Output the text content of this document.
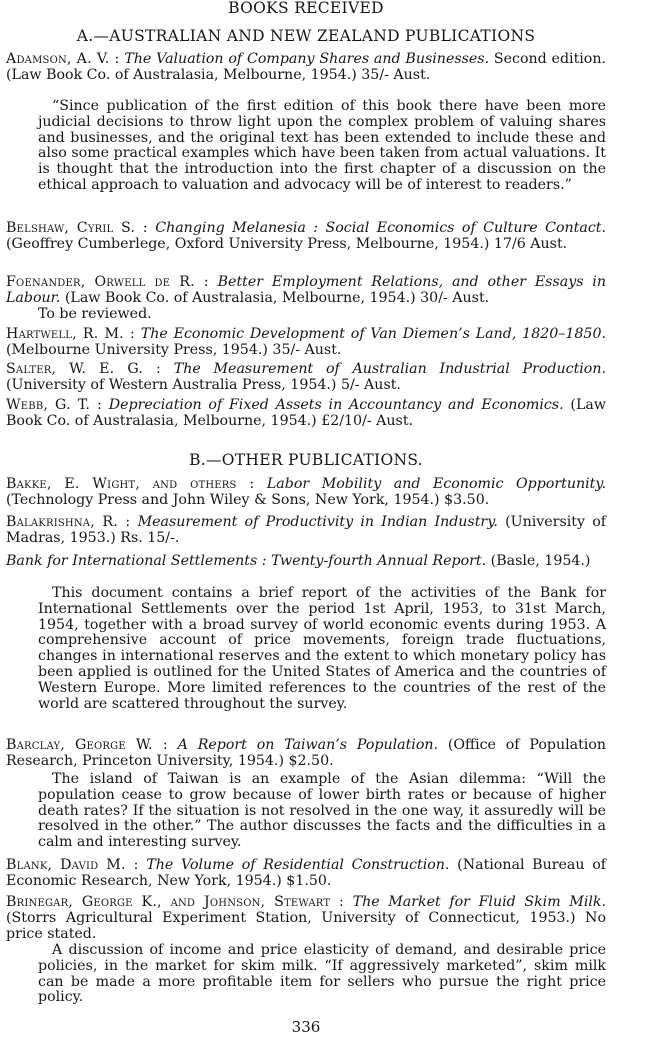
BOOKS RECEIVED
A.—AUSTRALIAN AND NEW ZEALAND PUBLICATIONS
Adamson, A. V. : The Valuation of Company Shares and Businesses. Second edition. (Law Book Co. of Australasia, Melbourne, 1954.) 35/- Aust.
“Since publication of the first edition of this book there have been more judicial decisions to throw light upon the complex problem of valuing shares and businesses, and the original text has been extended to include these and also some practical examples which have been taken from actual valuations. It is thought that the introduction into the first chapter of a discussion on the ethical approach to valuation and advocacy will be of interest to readers.”
Belshaw, Cyril S. : Changing Melanesia : Social Economics of Culture Contact. (Geoffrey Cumberlege, Oxford University Press, Melbourne, 1954.) 17/6 Aust.
Foenander, Orwell de R. : Better Employment Relations, and other Essays in Labour. (Law Book Co. of Australasia, Melbourne, 1954.) 30/- Aust.
To be reviewed.
Hartwell, R. M. : The Economic Development of Van Diemen’s Land, 1820–1850. (Melbourne University Press, 1954.) 35/- Aust.
Salter, W. E. G. : The Measurement of Australian Industrial Production. (University of Western Australia Press, 1954.) 5/- Aust.
Webb, G. T. : Depreciation of Fixed Assets in Accountancy and Economics. (Law Book Co. of Australasia, Melbourne, 1954.) £2/10/- Aust.
B.—OTHER PUBLICATIONS.
Bakke, E. Wight, and others : Labor Mobility and Economic Opportunity. (Technology Press and John Wiley & Sons, New York, 1954.) $3.50.
Balakrishna, R. : Measurement of Productivity in Indian Industry. (University of Madras, 1953.) Rs. 15/-.
Bank for International Settlements : Twenty-fourth Annual Report. (Basle, 1954.)
This document contains a brief report of the activities of the Bank for International Settlements over the period 1st April, 1953, to 31st March, 1954, together with a broad survey of world economic events during 1953. A comprehensive account of price movements, foreign trade fluctuations, changes in international reserves and the extent to which monetary policy has been applied is outlined for the United States of America and the countries of Western Europe. More limited references to the countries of the rest of the world are scattered throughout the survey.
Barclay, George W. : A Report on Taiwan’s Population. (Office of Population Research, Princeton University, 1954.) $2.50.
The island of Taiwan is an example of the Asian dilemma: “Will the population cease to grow because of lower birth rates or because of higher death rates? If the situation is not resolved in the one way, it assuredly will be resolved in the other.” The author discusses the facts and the difficulties in a calm and interesting survey.
Blank, David M. : The Volume of Residential Construction. (National Bureau of Economic Research, New York, 1954.) $1.50.
Brinegar, George K., and Johnson, Stewart : The Market for Fluid Skim Milk. (Storrs Agricultural Experiment Station, University of Connecticut, 1953.) No price stated.
A discussion of income and price elasticity of demand, and desirable price policies, in the market for skim milk. “If aggressively marketed”, skim milk can be made a more profitable item for sellers who pursue the right price policy.
336
